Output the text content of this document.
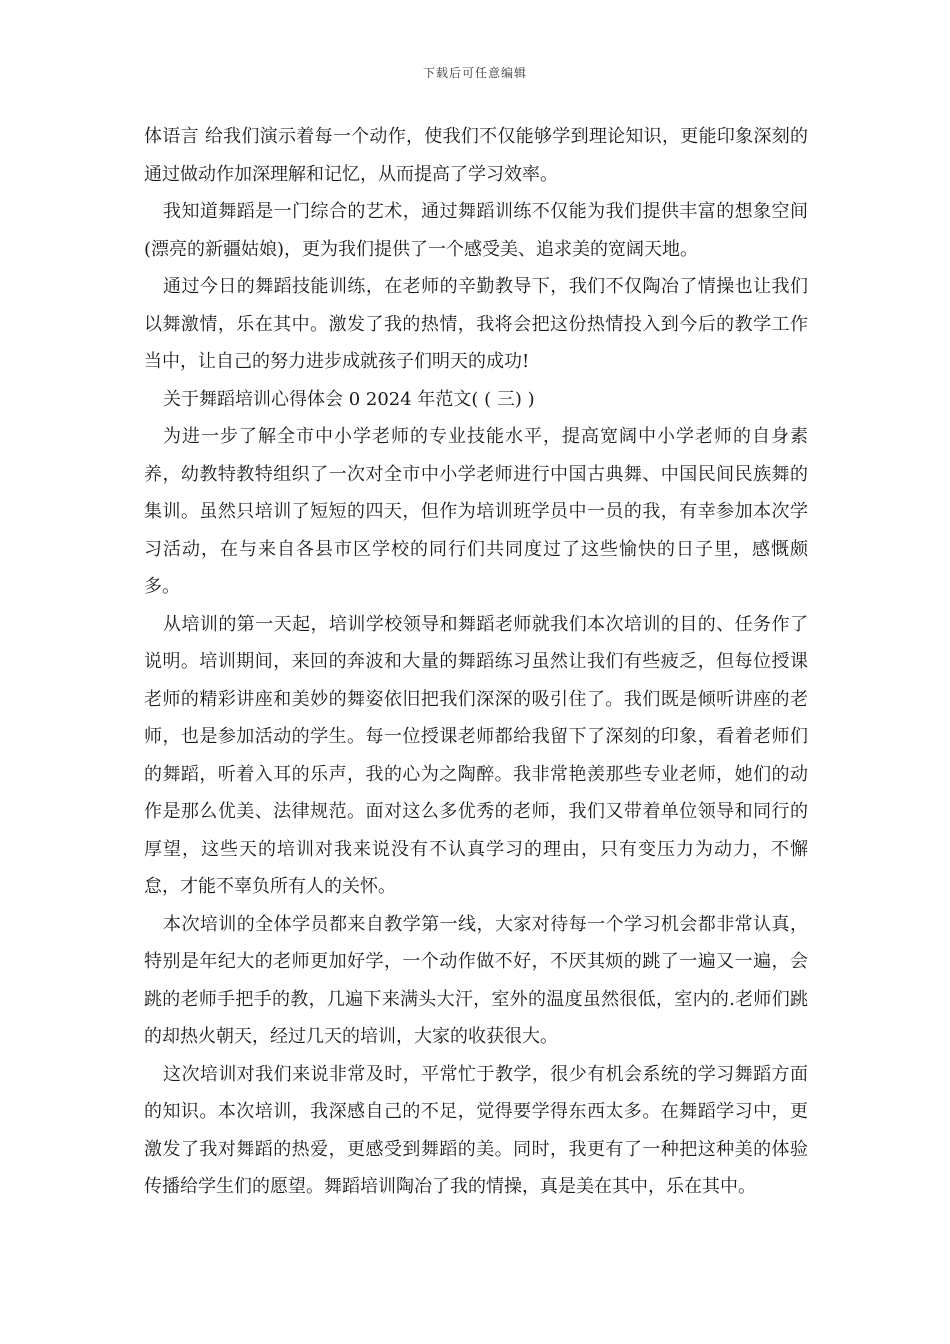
下载后可任意编辑

体语言 给我们演示着每一个动作，使我们不仅能够学到理论知识，更能印象深刻的通过做动作加深理解和记忆，从而提高了学习效率。

我知道舞蹈是一门综合的艺术，通过舞蹈训练不仅能为我们提供丰富的想象空间(漂亮的新疆姑娘)，更为我们提供了一个感受美、追求美的宽阔天地。

通过今日的舞蹈技能训练，在老师的辛勤教导下，我们不仅陶冶了情操也让我们以舞激情，乐在其中。激发了我的热情，我将会把这份热情投入到今后的教学工作当中，让自己的努力进步成就孩子们明天的成功!

关于舞蹈培训心得体会 0 2024 年范文( ( 三) )

为进一步了解全市中小学老师的专业技能水平，提高宽阔中小学老师的自身素养，幼教特教特组织了一次对全市中小学老师进行中国古典舞、中国民间民族舞的集训。虽然只培训了短短的四天，但作为培训班学员中一员的我，有幸参加本次学习活动，在与来自各县市区学校的同行们共同度过了这些愉快的日子里，感慨颇多。

从培训的第一天起，培训学校领导和舞蹈老师就我们本次培训的目的、任务作了说明。培训期间，来回的奔波和大量的舞蹈练习虽然让我们有些疲乏，但每位授课老师的精彩讲座和美妙的舞姿依旧把我们深深的吸引住了。我们既是倾听讲座的老师，也是参加活动的学生。每一位授课老师都给我留下了深刻的印象，看着老师们的舞蹈，听着入耳的乐声，我的心为之陶醉。我非常艳羡那些专业老师，她们的动作是那么优美、法律规范。面对这么多优秀的老师，我们又带着单位领导和同行的厚望，这些天的培训对我来说没有不认真学习的理由，只有变压力为动力，不懈怠，才能不辜负所有人的关怀。

本次培训的全体学员都来自教学第一线，大家对待每一个学习机会都非常认真，特别是年纪大的老师更加好学，一个动作做不好，不厌其烦的跳了一遍又一遍，会跳的老师手把手的教，几遍下来满头大汗，室外的温度虽然很低，室内的.老师们跳的却热火朝天，经过几天的培训，大家的收获很大。

这次培训对我们来说非常及时，平常忙于教学，很少有机会系统的学习舞蹈方面的知识。本次培训，我深感自己的不足，觉得要学得东西太多。在舞蹈学习中，更激发了我对舞蹈的热爱，更感受到舞蹈的美。同时，我更有了一种把这种美的体验传播给学生们的愿望。舞蹈培训陶冶了我的情操，真是美在其中，乐在其中。
